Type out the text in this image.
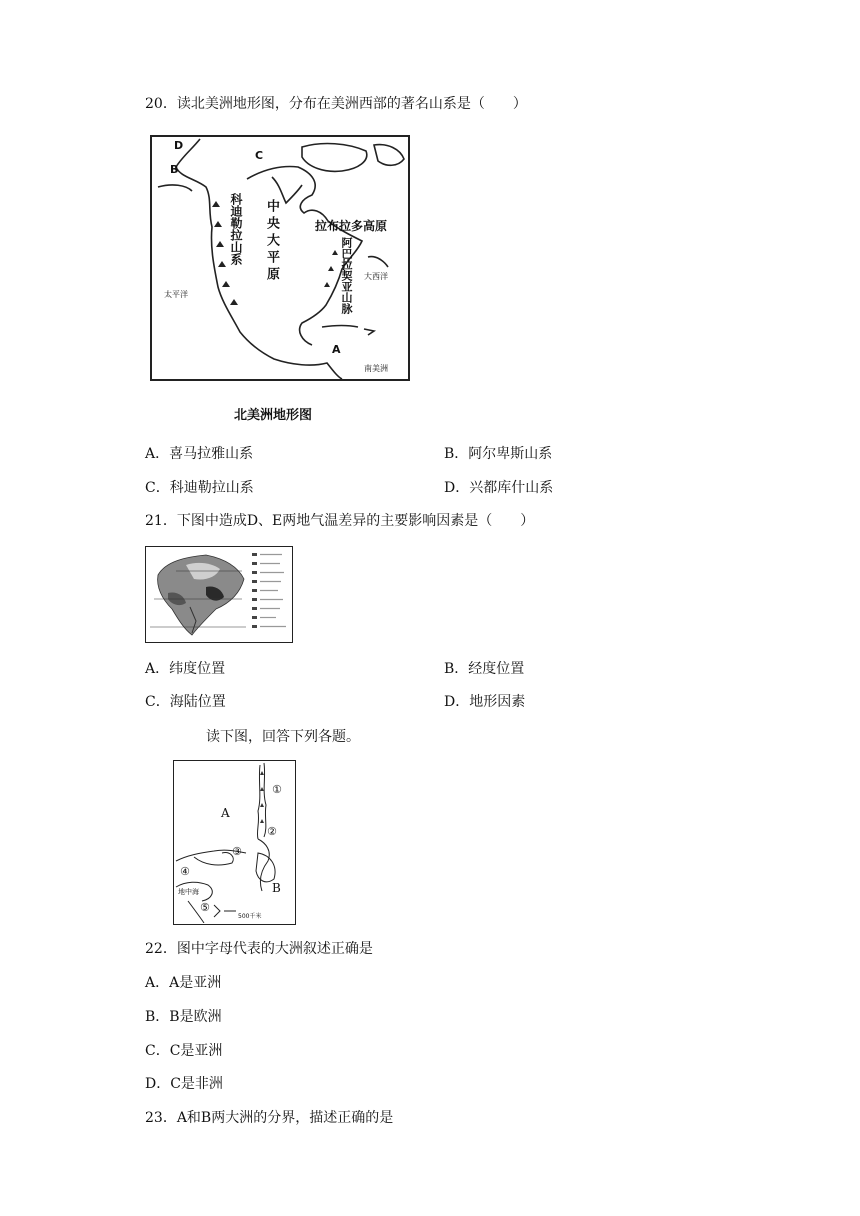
20．读北美洲地形图，分布在美洲西部的著名山系是（　　）
D
B
C
A
科迪勒拉山系 中央大平原	拉布拉多高原
阿巴拉契亚山脉
太平洋
大西洋
南美洲
北美洲地形图
A．喜马拉雅山系	B．阿尔卑斯山系
C．科迪勒拉山系	D．兴都库什山系
21．下图中造成D、E两地气温差异的主要影响因素是（　　）
A．纬度位置	B．经度位置
C．海陆位置	D．地形因素
读下图，回答下列各题。
A
B
①
②
③
④
⑤
地中海
500千米
22．图中字母代表的大洲叙述正确是
A．A是亚洲
B．B是欧洲
C．C是亚洲
D．C是非洲
23．A和B两大洲的分界，描述正确的是
